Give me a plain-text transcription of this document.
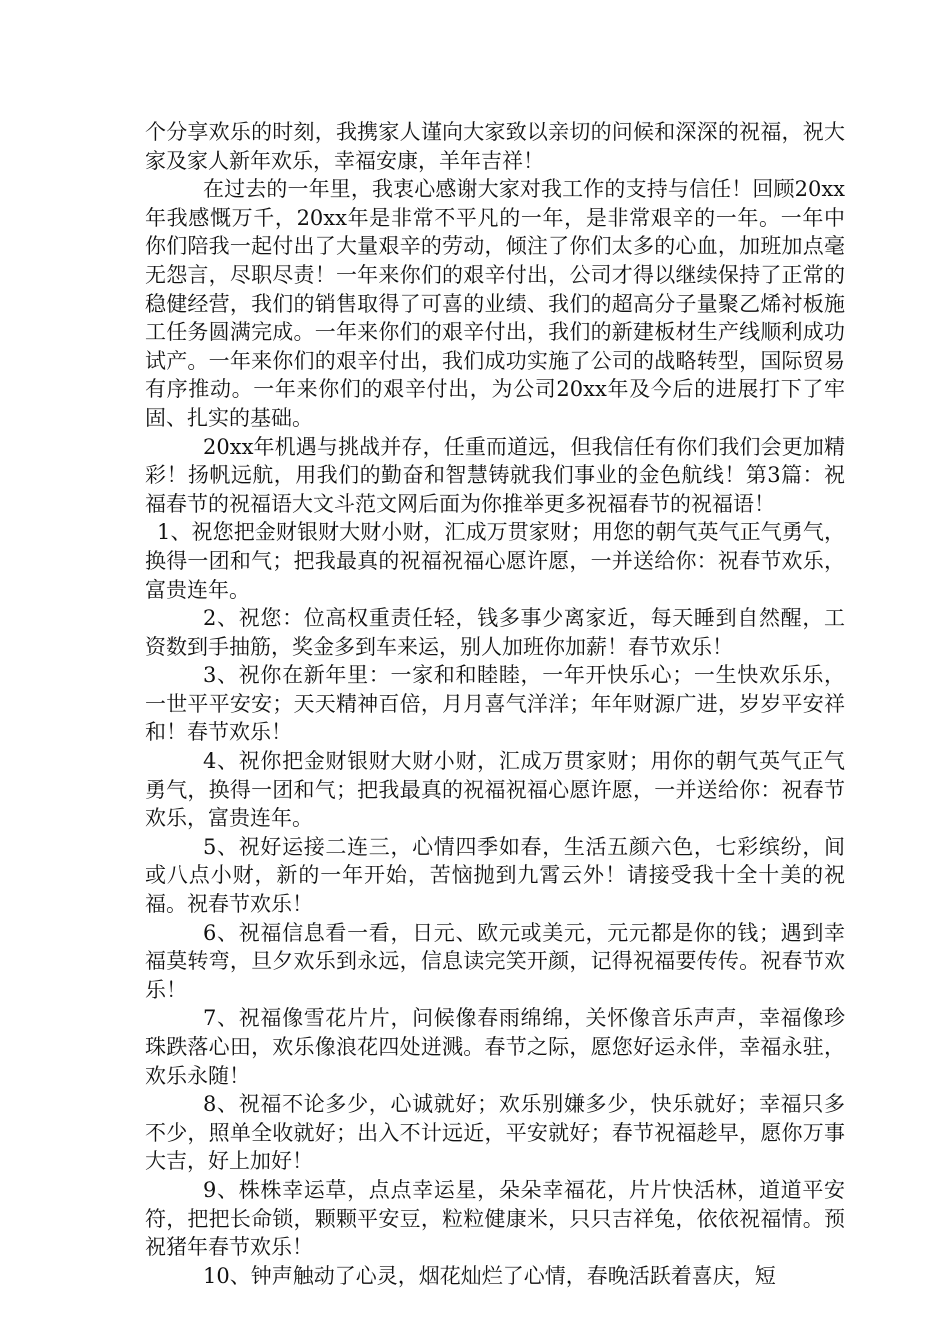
个分享欢乐的时刻，我携家人谨向大家致以亲切的问候和深深的祝福，祝大家及家人新年欢乐，幸福安康，羊年吉祥！

在过去的一年里，我衷心感谢大家对我工作的支持与信任！回顾20xx年我感慨万千，20xx年是非常不平凡的一年，是非常艰辛的一年。一年中你们陪我一起付出了大量艰辛的劳动，倾注了你们太多的心血，加班加点毫无怨言，尽职尽责！一年来你们的艰辛付出，公司才得以继续保持了正常的稳健经营，我们的销售取得了可喜的业绩、我们的超高分子量聚乙烯衬板施工任务圆满完成。一年来你们的艰辛付出，我们的新建板材生产线顺利成功试产。一年来你们的艰辛付出，我们成功实施了公司的战略转型，国际贸易有序推动。一年来你们的艰辛付出，为公司20xx年及今后的进展打下了牢固、扎实的基础。

20xx年机遇与挑战并存，任重而道远，但我信任有你们我们会更加精彩！扬帆远航，用我们的勤奋和智慧铸就我们事业的金色航线！第3篇：祝福春节的祝福语大文斗范文网后面为你推举更多祝福春节的祝福语！

1、祝您把金财银财大财小财，汇成万贯家财；用您的朝气英气正气勇气，换得一团和气；把我最真的祝福祝福心愿许愿，一并送给你：祝春节欢乐，富贵连年。

2、祝您：位高权重责任轻，钱多事少离家近，每天睡到自然醒，工资数到手抽筋，奖金多到车来运，别人加班你加薪！春节欢乐！

3、祝你在新年里：一家和和睦睦，一年开快乐心；一生快欢乐乐，一世平平安安；天天精神百倍，月月喜气洋洋；年年财源广进，岁岁平安祥和！春节欢乐！

4、祝你把金财银财大财小财，汇成万贯家财；用你的朝气英气正气勇气，换得一团和气；把我最真的祝福祝福心愿许愿，一并送给你：祝春节欢乐，富贵连年。

5、祝好运接二连三，心情四季如春，生活五颜六色，七彩缤纷，间或八点小财，新的一年开始，苦恼抛到九霄云外！请接受我十全十美的祝福。祝春节欢乐！

6、祝福信息看一看，日元、欧元或美元，元元都是你的钱；遇到幸福莫转弯，旦夕欢乐到永远，信息读完笑开颜，记得祝福要传传。祝春节欢乐！

7、祝福像雪花片片，问候像春雨绵绵，关怀像音乐声声，幸福像珍珠跌落心田，欢乐像浪花四处迸溅。春节之际，愿您好运永伴，幸福永驻，欢乐永随！

8、祝福不论多少，心诚就好；欢乐别嫌多少，快乐就好；幸福只多不少，照单全收就好；出入不计远近，平安就好；春节祝福趁早，愿你万事大吉，好上加好！

9、株株幸运草，点点幸运星，朵朵幸福花，片片快活林，道道平安符，把把长命锁，颗颗平安豆，粒粒健康米，只只吉祥兔，依依祝福情。预祝猪年春节欢乐！

10、钟声触动了心灵，烟花灿烂了心情，春晚活跃着喜庆，短
